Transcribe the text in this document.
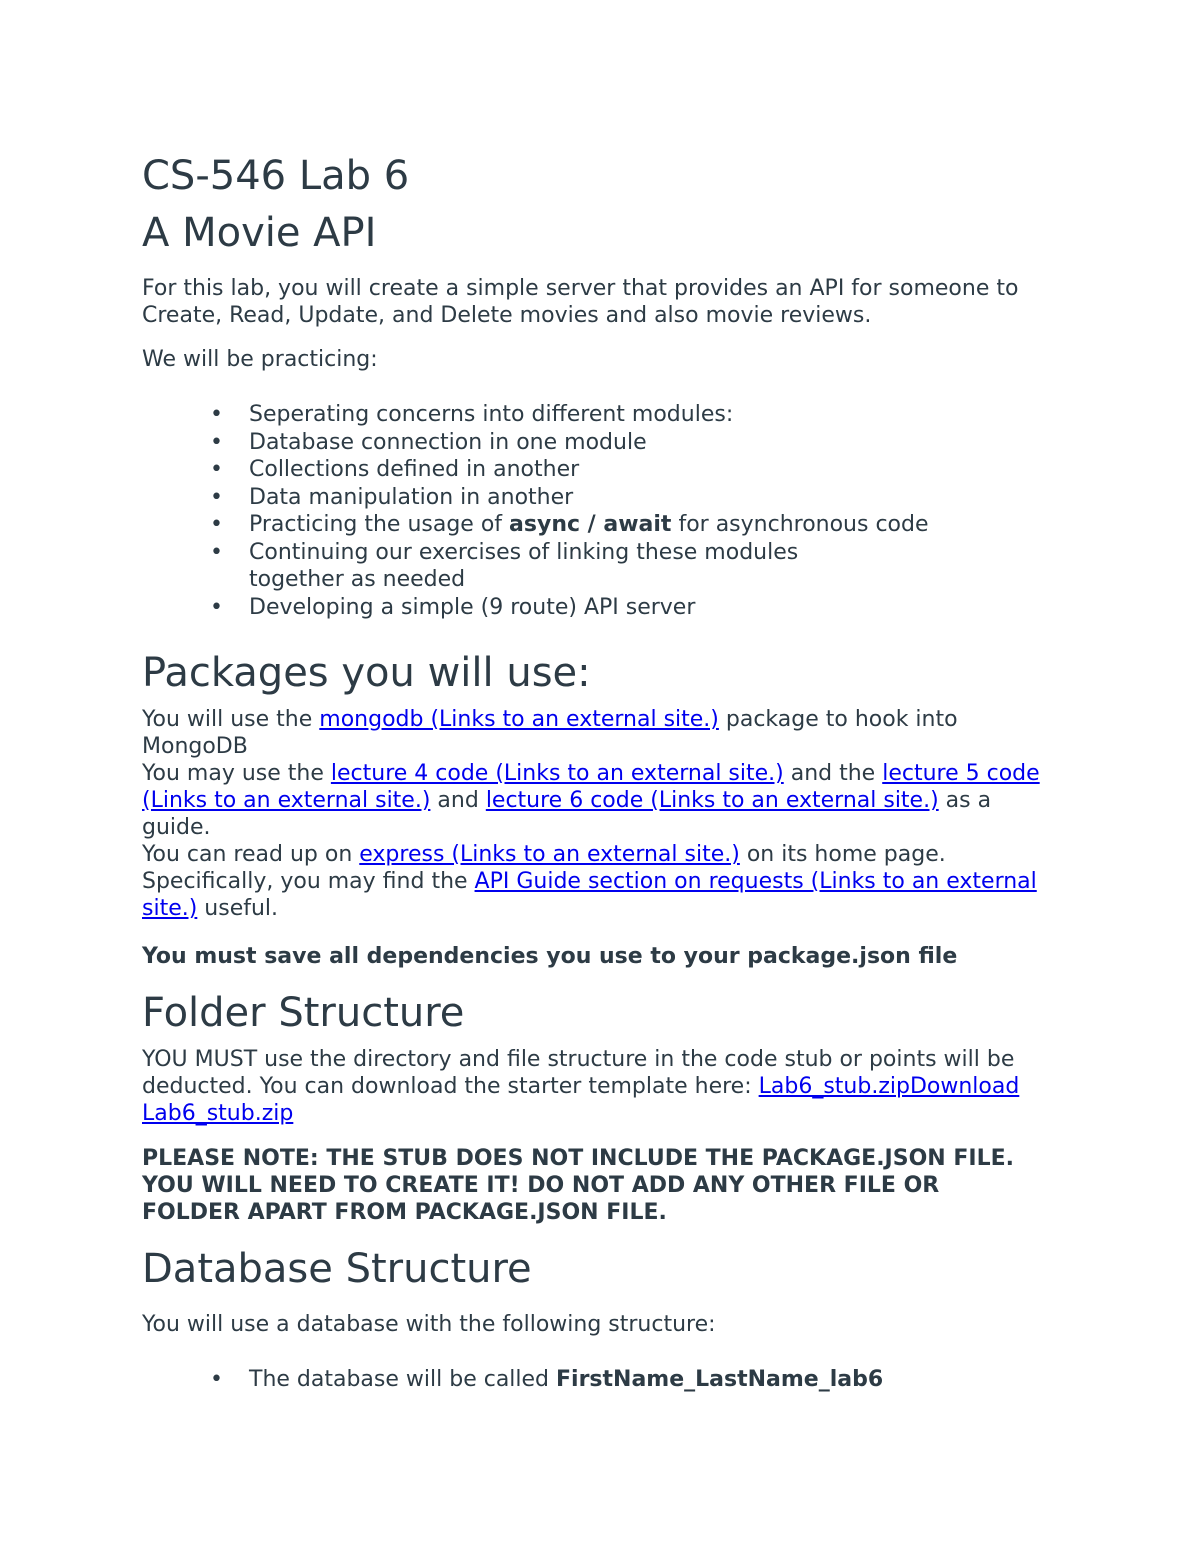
CS-546 Lab 6
A Movie API

For this lab, you will create a simple server that provides an API for someone to Create, Read, Update, and Delete movies and also movie reviews.

We will be practicing:

• Seperating concerns into different modules:
• Database connection in one module
• Collections defined in another
• Data manipulation in another
• Practicing the usage of async / await for asynchronous code
• Continuing our exercises of linking these modules together as needed
• Developing a simple (9 route) API server
Packages you will use:

You will use the mongodb (Links to an external site.) package to hook into MongoDB
You may use the lecture 4 code (Links to an external site.) and the lecture 5 code (Links to an external site.) and lecture 6 code (Links to an external site.) as a guide.
You can read up on express (Links to an external site.) on its home page. Specifically, you may find the API Guide section on requests (Links to an external site.) useful.

You must save all dependencies you use to your package.json file

Folder Structure

YOU MUST use the directory and file structure in the code stub or points will be deducted. You can download the starter template here: Lab6_stub.zipDownload Lab6_stub.zip

PLEASE NOTE: THE STUB DOES NOT INCLUDE THE PACKAGE.JSON FILE. YOU WILL NEED TO CREATE IT! DO NOT ADD ANY OTHER FILE OR FOLDER APART FROM PACKAGE.JSON FILE.

Database Structure

You will use a database with the following structure:

• The database will be called FirstName_LastName_lab6
